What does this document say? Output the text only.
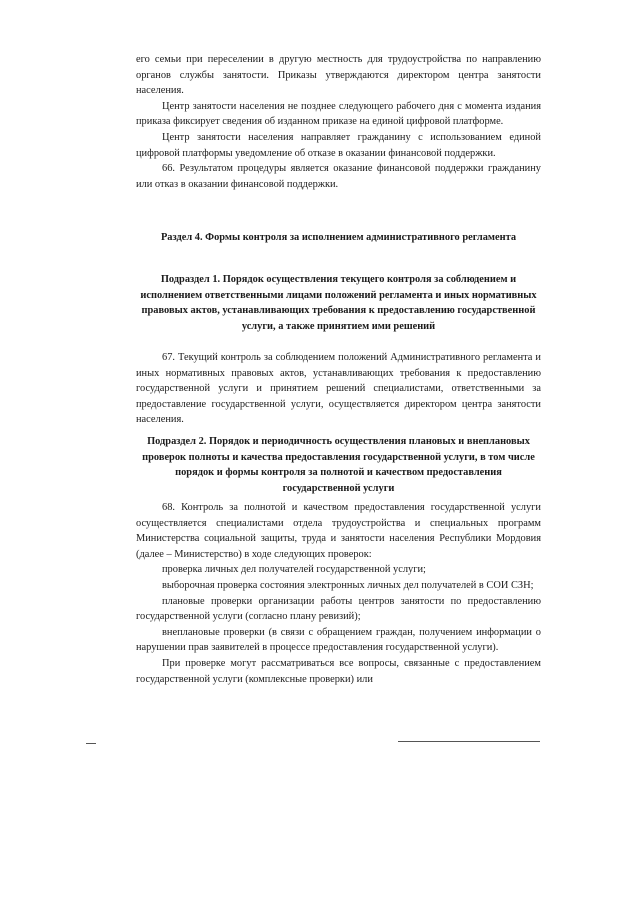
его семьи при переселении в другую местность для трудоустройства по направлению органов службы занятости. Приказы утверждаются директором центра занятости населения.

Центр занятости населения не позднее следующего рабочего дня с момента издания приказа фиксирует сведения об изданном приказе на единой цифровой платформе.

Центр занятости населения направляет гражданину с использованием единой цифровой платформы уведомление об отказе в оказании финансовой поддержки.

66. Результатом процедуры является оказание финансовой поддержки гражданину или отказ в оказании финансовой поддержки.

Раздел 4. Формы контроля за исполнением административного регламента
Подраздел 1. Порядок осуществления текущего контроля за соблюдением и исполнением ответственными лицами положений регламента и иных нормативных правовых актов, устанавливающих требования к предоставлению государственной услуги, а также принятием ими решений

67. Текущий контроль за соблюдением положений Административного регламента и иных нормативных правовых актов, устанавливающих требования к предоставлению государственной услуги и принятием решений специалистами, ответственными за предоставление государственной услуги, осуществляется директором центра занятости населения.

Подраздел 2. Порядок и периодичность осуществления плановых и внеплановых проверок полноты и качества предоставления государственной услуги, в том числе порядок и формы контроля за полнотой и качеством предоставления государственной услуги

68. Контроль за полнотой и качеством предоставления государственной услуги осуществляется специалистами отдела трудоустройства и специальных программ Министерства социальной защиты, труда и занятости населения Республики Мордовия (далее – Министерство) в ходе следующих проверок:

проверка личных дел получателей государственной услуги;

выборочная проверка состояния электронных личных дел получателей в СОИ СЗН;

плановые проверки организации работы центров занятости по предоставлению государственной услуги (согласно плану ревизий);

внеплановые проверки (в связи с обращением граждан, получением информации о нарушении прав заявителей в процессе предоставления государственной услуги).

При проверке могут рассматриваться все вопросы, связанные с предоставлением государственной услуги (комплексные проверки) или
